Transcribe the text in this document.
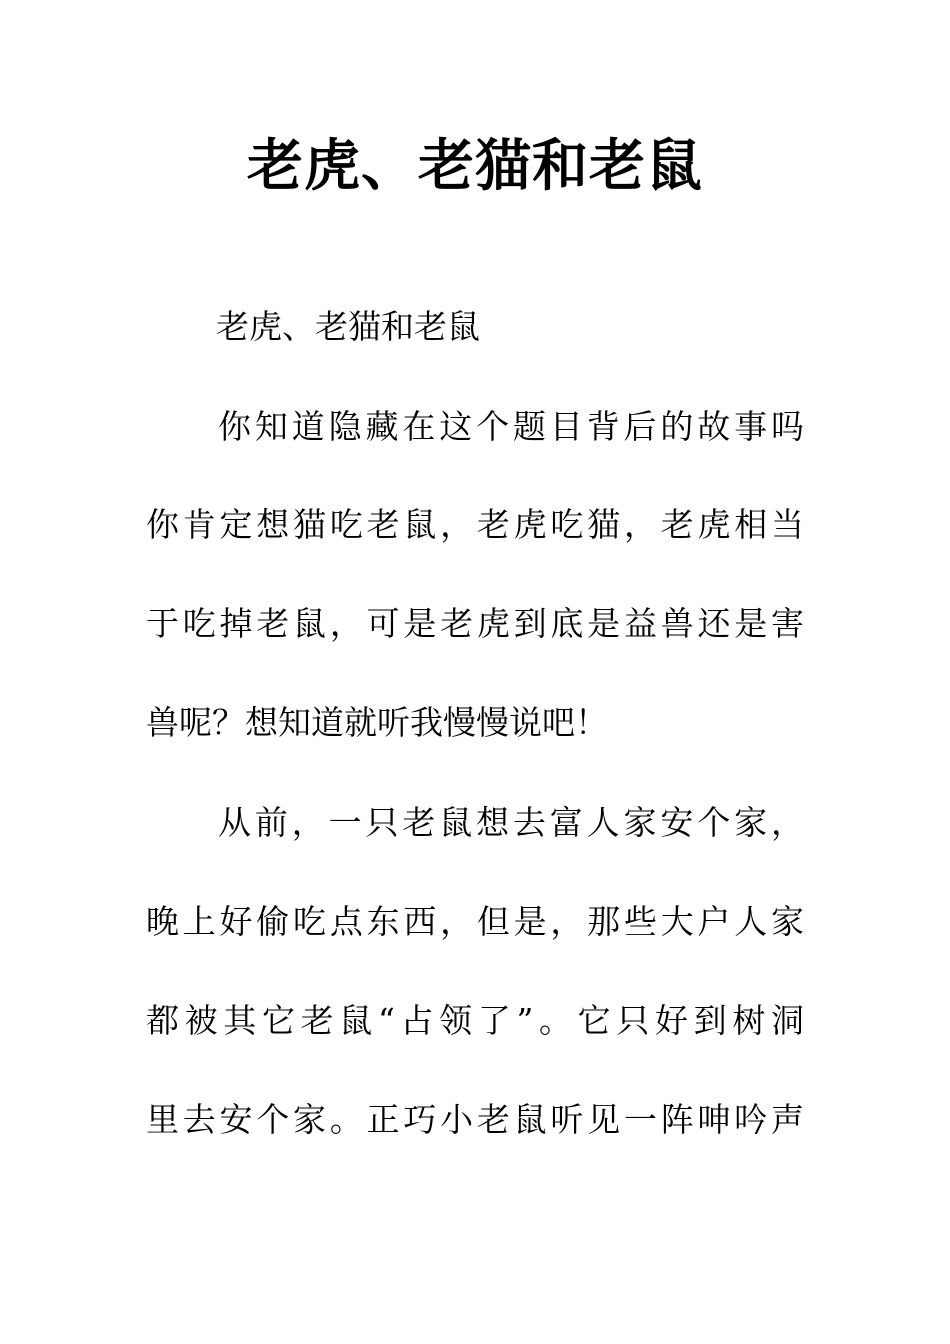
老虎、老猫和老鼠

老虎、老猫和老鼠

你知道隐藏在这个题目背后的故事吗

你肯定想猫吃老鼠，老虎吃猫，老虎相当

于吃掉老鼠，可是老虎到底是益兽还是害

兽呢？想知道就听我慢慢说吧！

从前，一只老鼠想去富人家安个家，

晚上好偷吃点东西，但是，那些大户人家

都被其它老鼠“占领了”。它只好到树洞

里去安个家。正巧小老鼠听见一阵呻吟声
